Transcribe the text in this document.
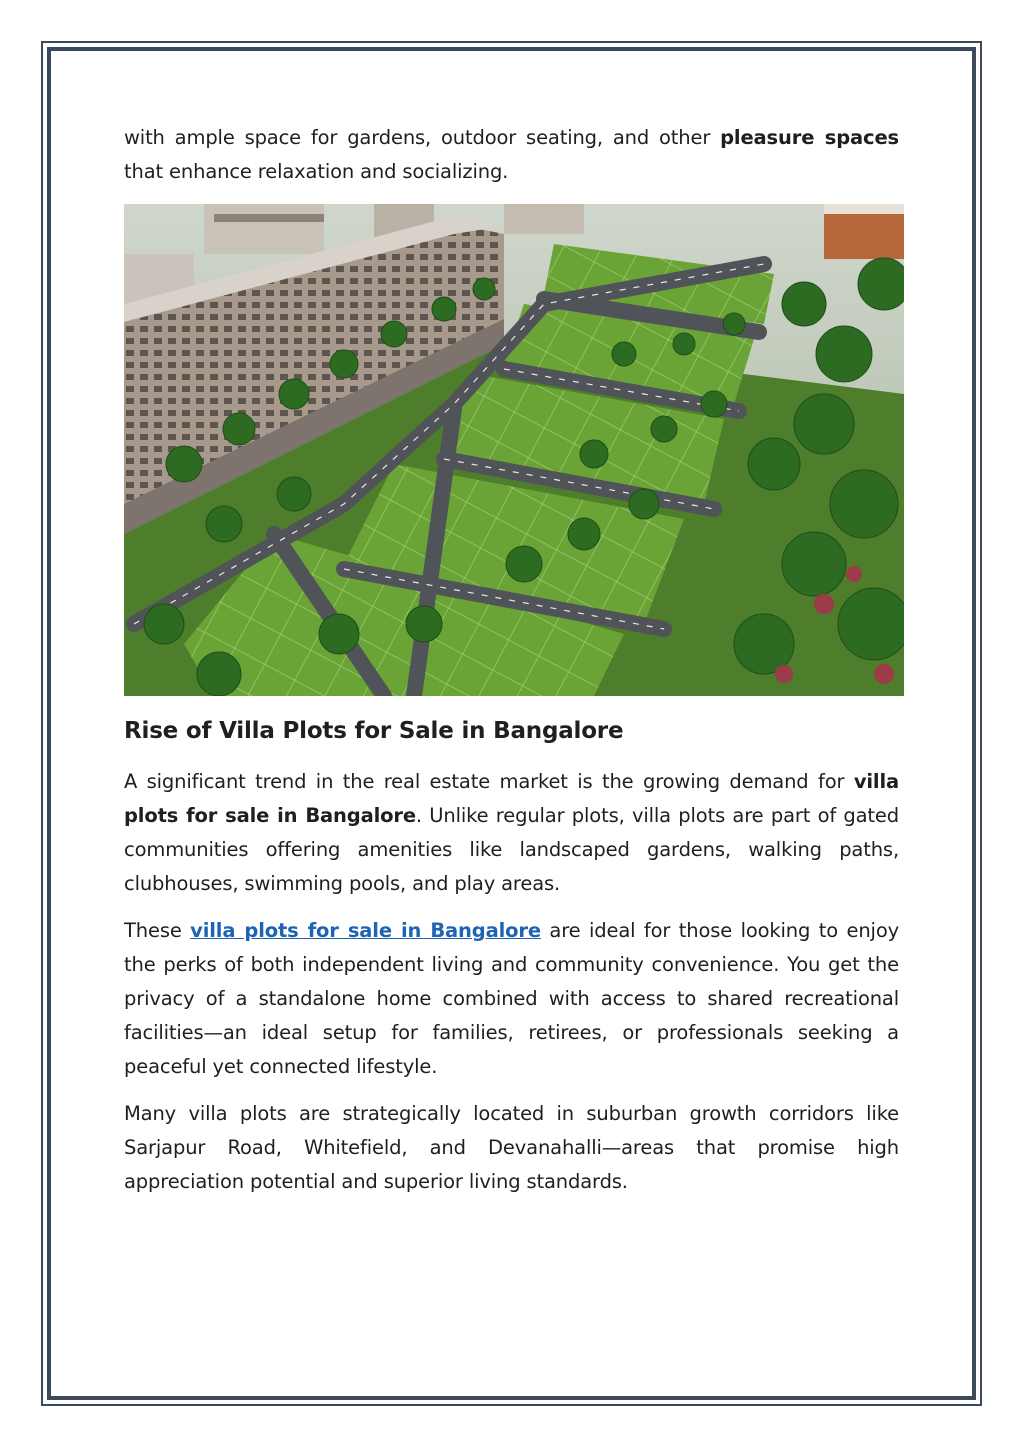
with ample space for gardens, outdoor seating, and other pleasure spaces that enhance relaxation and socializing.

Rise of Villa Plots for Sale in Bangalore

A significant trend in the real estate market is the growing demand for villa plots for sale in Bangalore. Unlike regular plots, villa plots are part of gated communities offering amenities like landscaped gardens, walking paths, clubhouses, swimming pools, and play areas.

These villa plots for sale in Bangalore are ideal for those looking to enjoy the perks of both independent living and community convenience. You get the privacy of a standalone home combined with access to shared recreational facilities—an ideal setup for families, retirees, or professionals seeking a peaceful yet connected lifestyle.

Many villa plots are strategically located in suburban growth corridors like Sarjapur Road, Whitefield, and Devanahalli—areas that promise high appreciation potential and superior living standards.
